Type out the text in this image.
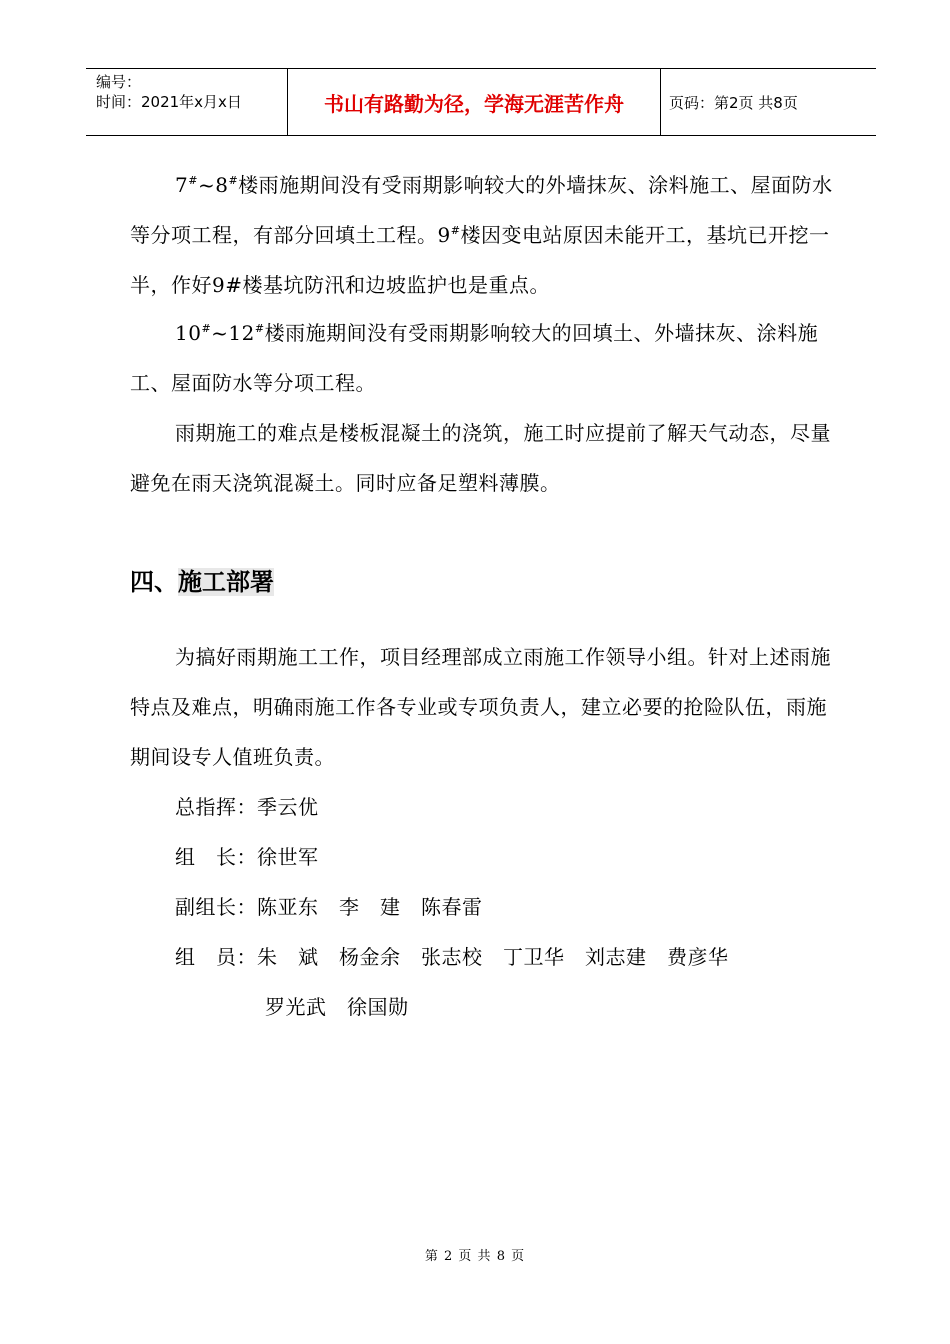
编号：
时间：2021年x月x日	书山有路勤为径，学海无涯苦作舟	页码：第2页 共8页

7#~8#楼雨施期间没有受雨期影响较大的外墙抹灰、涂料施工、屋面防水等分项工程，有部分回填土工程。9#楼因变电站原因未能开工，基坑已开挖一半，作好9#楼基坑防汛和边坡监护也是重点。

10#~12#楼雨施期间没有受雨期影响较大的回填土、外墙抹灰、涂料施工、屋面防水等分项工程。

雨期施工的难点是楼板混凝土的浇筑，施工时应提前了解天气动态，尽量避免在雨天浇筑混凝土。同时应备足塑料薄膜。

四、施工部署

为搞好雨期施工工作，项目经理部成立雨施工作领导小组。针对上述雨施特点及难点，明确雨施工作各专业或专项负责人，建立必要的抢险队伍，雨施期间设专人值班负责。

总指挥：季云优
组　长：徐世军
副组长：陈亚东　李　建　陈春雷
组　员：朱　斌　杨金余　张志校　丁卫华　刘志建　费彦华
罗光武　徐国勋
第 2 页 共 8 页
